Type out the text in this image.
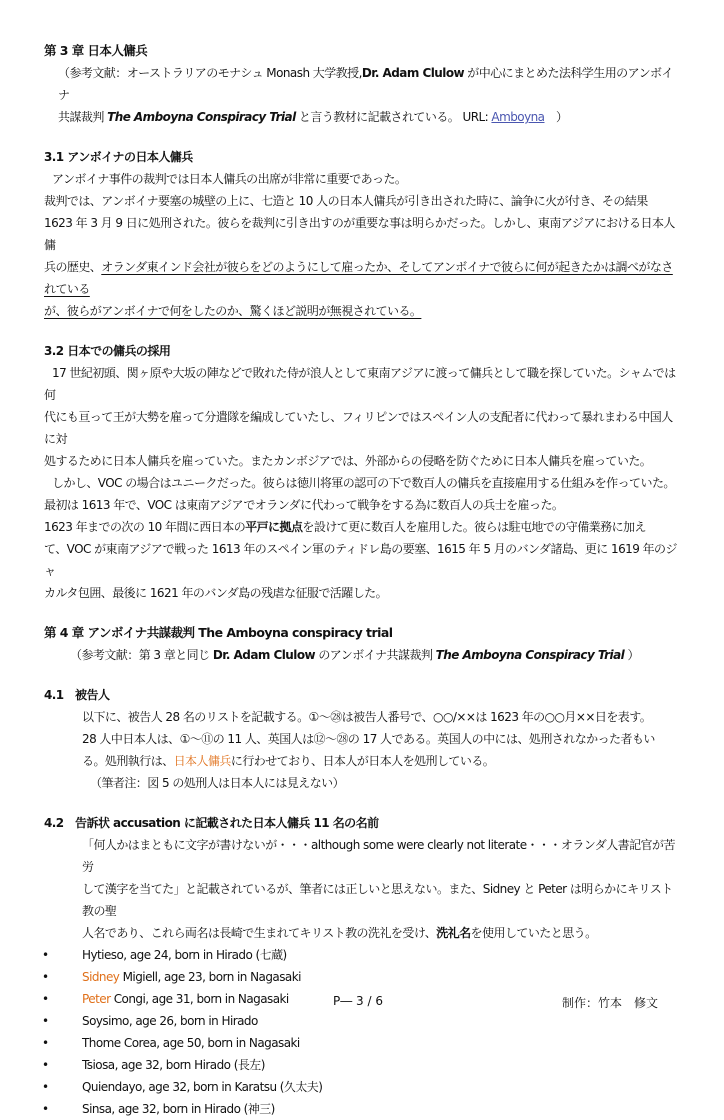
第 3 章 日本人傭兵

（参考文献：オーストラリアのモナシュ Monash 大学教授,Dr. Adam Clulow が中心にまとめた法科学生用のアンボイナ

共謀裁判 The Amboyna Conspiracy Trial と言う教材に記載されている。 URL: Amboyna　）

3.1 アンボイナの日本人傭兵

アンボイナ事件の裁判では日本人傭兵の出席が非常に重要であった。

裁判では、アンボイナ要塞の城壁の上に、七造と 10 人の日本人傭兵が引き出された時に、論争に火が付き、その結果

1623 年 3 月 9 日に処刑された。彼らを裁判に引き出すのが重要な事は明らかだった。しかし、東南アジアにおける日本人傭

兵の歴史、オランダ東インド会社が彼らをどのようにして雇ったか、そしてアンボイナで彼らに何が起きたかは調べがなされている

が、彼らがアンボイナで何をしたのか、驚くほど説明が無視されている。

3.2 日本での傭兵の採用

17 世紀初頭、関ヶ原や大坂の陣などで敗れた侍が浪人として東南アジアに渡って傭兵として職を探していた。シャムでは何

代にも亘って王が大勢を雇って分遣隊を編成していたし、フィリピンではスペイン人の支配者に代わって暴れまわる中国人に対

処するために日本人傭兵を雇っていた。またカンボジアでは、外部からの侵略を防ぐために日本人傭兵を雇っていた。

しかし、VOC の場合はユニークだった。彼らは徳川将軍の認可の下で数百人の傭兵を直接雇用する仕組みを作っていた。

最初は 1613 年で、VOC は東南アジアでオランダに代わって戦争をする為に数百人の兵士を雇った。

1623 年までの次の 10 年間に西日本の平戸に拠点を設けて更に数百人を雇用した。彼らは駐屯地での守備業務に加え

て、VOC が東南アジアで戦った 1613 年のスペイン軍のティドレ島の要塞、1615 年 5 月のバンダ諸島、更に 1619 年のジャ

カルタ包囲、最後に 1621 年のバンダ島の残虐な征服で活躍した。

第 4 章 アンボイナ共謀裁判 The Amboyna conspiracy trial

（参考文献：第 3 章と同じ Dr. Adam Clulow のアンボイナ共謀裁判 The Amboyna Conspiracy Trial ）

4.1　被告人

以下に、被告人 28 名のリストを記載する。①～㉘は被告人番号で、○○/××は 1623 年の○○月××日を表す。

28 人中日本人は、①～⑪の 11 人、英国人は⑫～㉘の 17 人である。英国人の中には、処刑されなかった者もい

る。処刑執行は、日本人傭兵に行わせており、日本人が日本人を処刑している。

（筆者注：図 5 の処刑人は日本人には見えない）

4.2　告訴状 accusation に記載された日本人傭兵 11 名の名前

「何人かはまともに文字が書けないが・・・although some were clearly not literate・・・オランダ人書記官が苦労

して漢字を当てた」と記載されているが、筆者には正しいと思えない。また、Sidney と Peter は明らかにキリスト教の聖

人名であり、これら両名は長崎で生まれてキリスト教の洗礼を受け、洗礼名を使用していたと思う。

• Hytieso, age 24, born in Hirado (七蔵)
• Sidney Migiell, age 23, born in Nagasaki
• Peter Congi, age 31, born in Nagasaki
• Soysimo, age 26, born in Hirado
• Thome Corea, age 50, born in Nagasaki
• Tsiosa, age 32, born Hirado (長左)
• Quiendayo, age 32, born in Karatsu (久太夫)
• Sinsa, age 32, born in Hirado (神三)
P― 3 / 6	制作：竹本　修文
